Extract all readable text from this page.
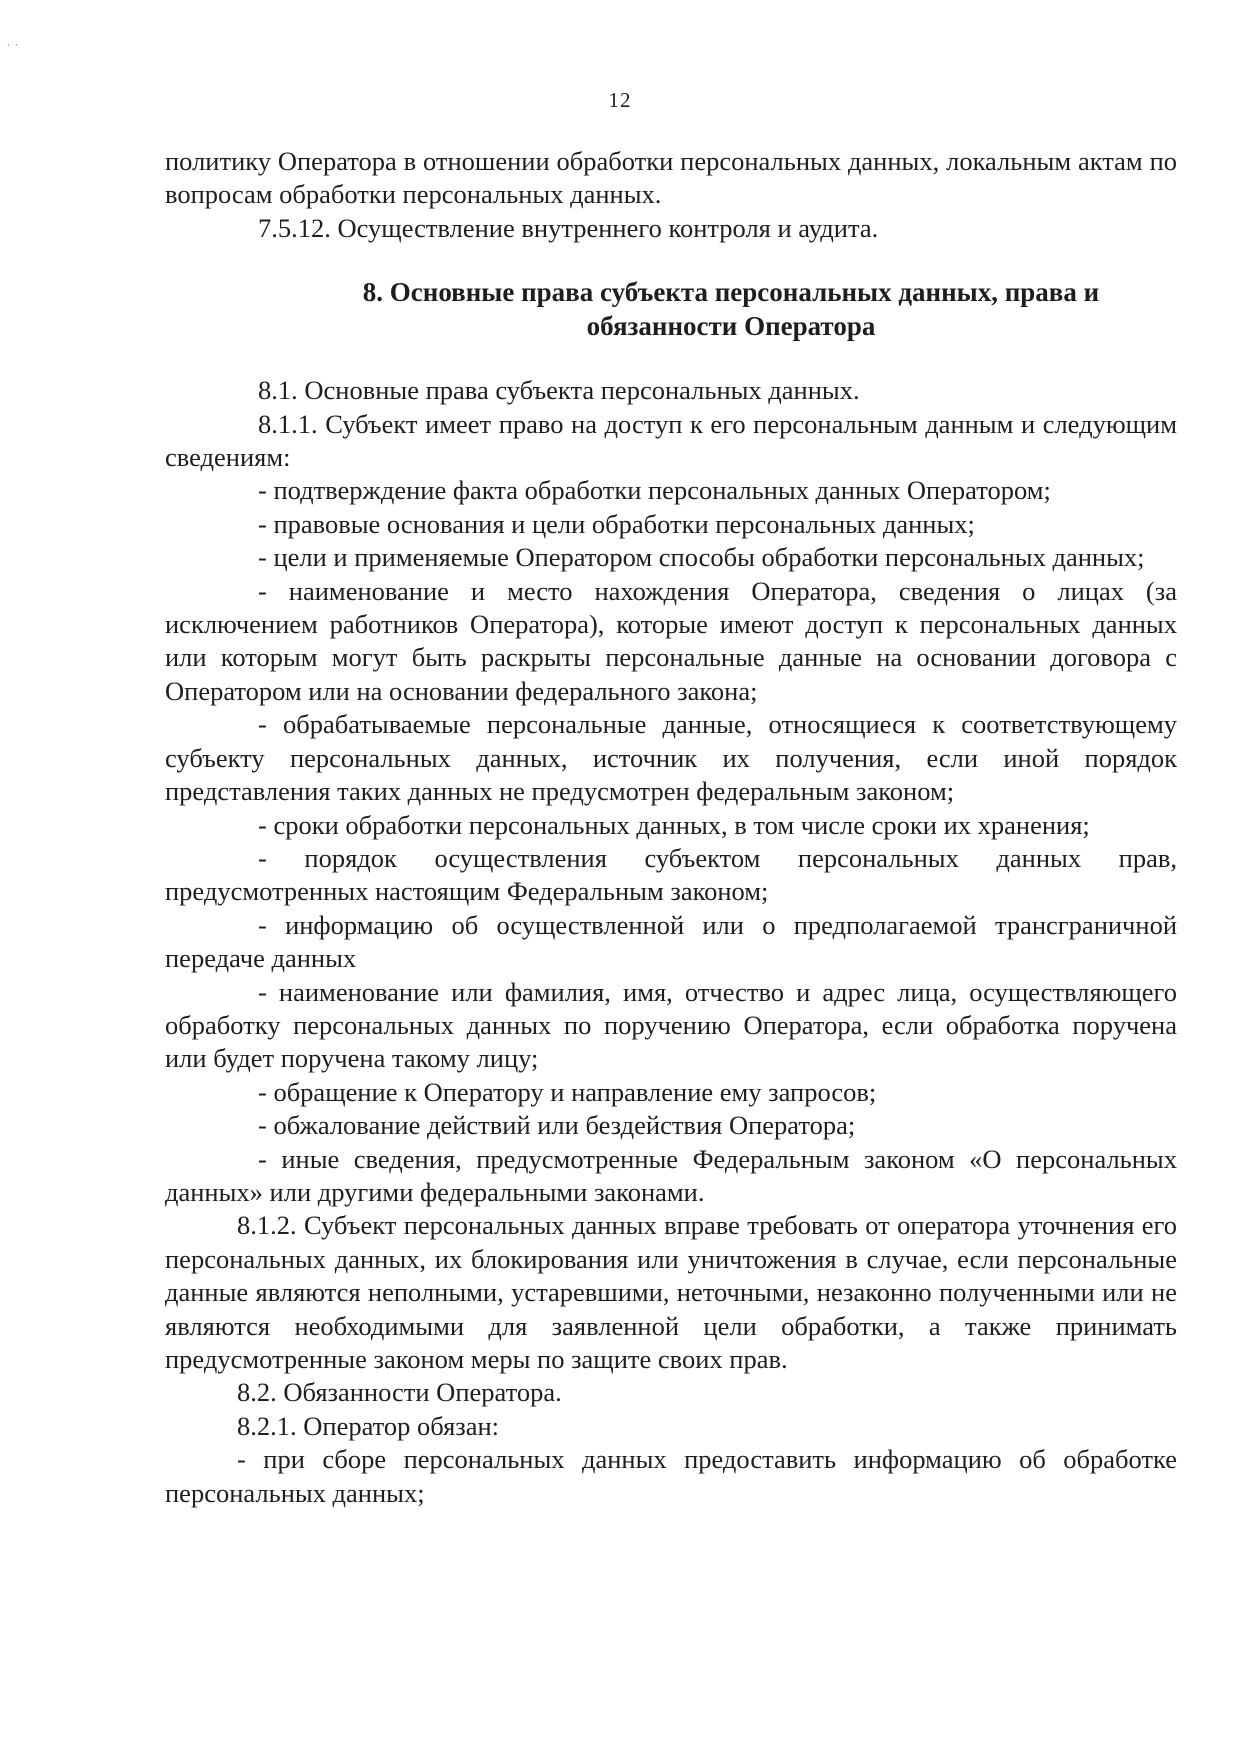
˙ ˙
12

политику Оператора в отношении обработки персональных данных, локальным актам по вопросам обработки персональных данных.

7.5.12. Осуществление внутреннего контроля и аудита.

8. Основные права субъекта персональных данных, права и
обязанности Оператора

8.1. Основные права субъекта персональных данных.

8.1.1. Субъект имеет право на доступ к его персональным данным и следующим сведениям:

- подтверждение факта обработки персональных данных Оператором;

- правовые основания и цели обработки персональных данных;

- цели и применяемые Оператором способы обработки персональных данных;

- наименование и место нахождения Оператора, сведения о лицах (за исключением работников Оператора), которые имеют доступ к персональных данных или которым могут быть раскрыты персональные данные на основании договора с Оператором или на основании федерального закона;

- обрабатываемые персональные данные, относящиеся к соответствующему субъекту персональных данных, источник их получения, если иной порядок представления таких данных не предусмотрен федеральным законом;

- сроки обработки персональных данных, в том числе сроки их хранения;

- порядок осуществления субъектом персональных данных прав, предусмотренных настоящим Федеральным законом;

- информацию об осуществленной или о предполагаемой трансграничной передаче данных

- наименование или фамилия, имя, отчество и адрес лица, осуществляющего обработку персональных данных по поручению Оператора, если обработка поручена или будет поручена такому лицу;

- обращение к Оператору и направление ему запросов;

- обжалование действий или бездействия Оператора;

- иные сведения, предусмотренные Федеральным законом «О персональных данных» или другими федеральными законами.

8.1.2. Субъект персональных данных вправе требовать от оператора уточнения его персональных данных, их блокирования или уничтожения в случае, если персональные данные являются неполными, устаревшими, неточными, незаконно полученными или не являются необходимыми для заявленной цели обработки, а также принимать предусмотренные законом меры по защите своих прав.

8.2. Обязанности Оператора.

8.2.1. Оператор обязан:

- при сборе персональных данных предоставить информацию об обработке персональных данных;
